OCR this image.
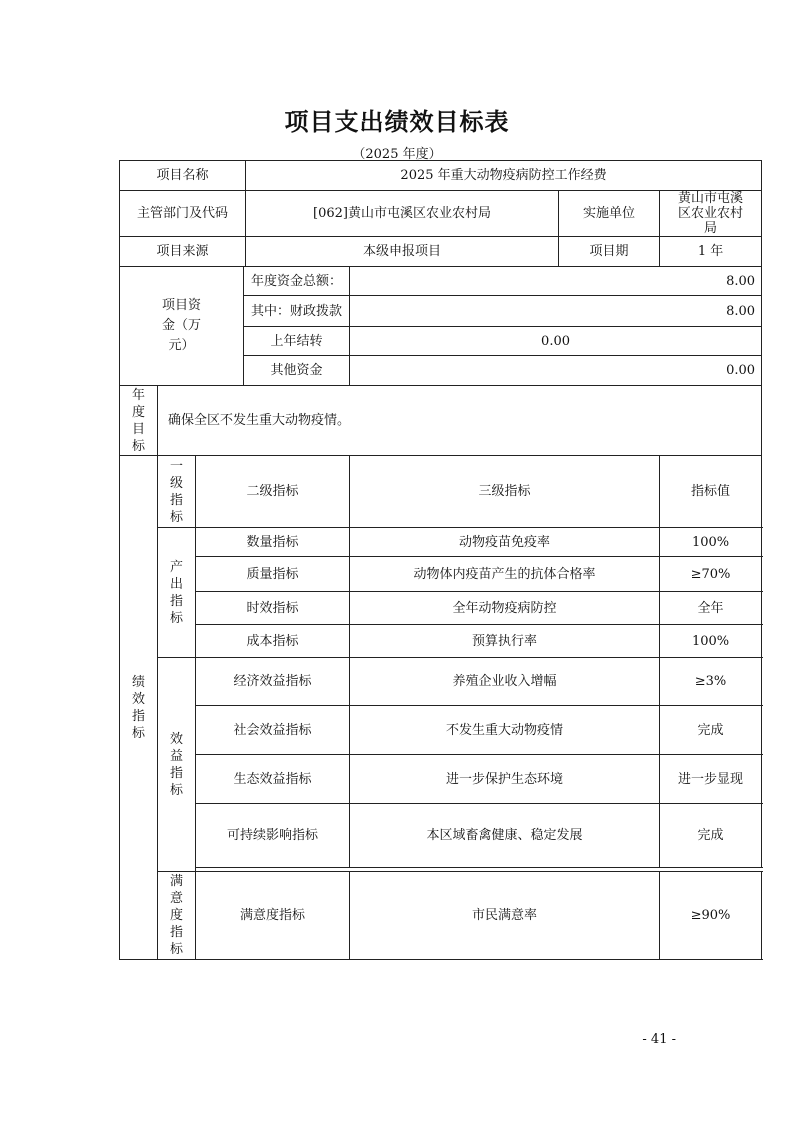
项目支出绩效目标表
（2025 年度）
项目名称				2025 年重大动物疫病防控工作经费			
主管部门及代码				[062]黄山市屯溪区农业农村局		实施单位	黄山市屯溪区农业农村局
项目来源				本级申报项目		项目期	1 年
项目资金（万元）			年度资金总额：		8.00		
			其中：财政拨款		8.00		
			上年结转		0.00		
			其他资金		0.00		
年度目标	确保全区不发生重大动物疫情。						
绩效指标	一级指标	二级指标			三级指标		指标值
	产出指标	数量指标			动物疫苗免疫率		100%
		质量指标			动物体内疫苗产生的抗体合格率		≥70%
		时效指标			全年动物疫病防控		全年
		成本指标			预算执行率		100%
	效益指标	经济效益指标			养殖企业收入增幅		≥3%
		社会效益指标			不发生重大动物疫情		完成
		生态效益指标			进一步保护生态环境		进一步显现
		可持续影响指标			本区域畜禽健康、稳定发展		完成

	满意度指标	满意度指标			市民满意率		≥90%
- 41 -
